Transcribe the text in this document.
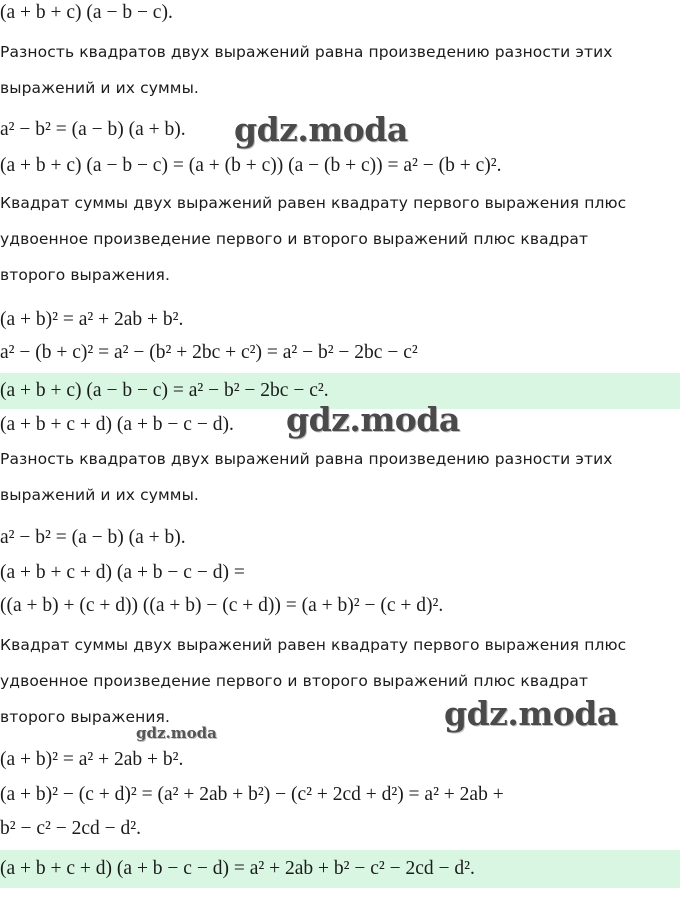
(a + b + c) (a − b − c).
Разность квадратов двух выражений равна произведению разности этих
выражений и их суммы.
a² − b² = (a − b) (a + b).
(a + b + c) (a − b − c) = (a + (b + c)) (a − (b + c)) = a² − (b + c)².
Квадрат суммы двух выражений равен квадрату первого выражения плюс
удвоенное произведение первого и второго выражений плюс квадрат
второго выражения.
(a + b)² = a² + 2ab + b².
a² − (b + c)² = a² − (b² + 2bc + c²) = a² − b² − 2bc − c²
(a + b + c) (a − b − c) = a² − b² − 2bc − c².
(a + b + c + d) (a + b − c − d).
Разность квадратов двух выражений равна произведению разности этих
выражений и их суммы.
a² − b² = (a − b) (a + b).
(a + b + c + d) (a + b − c − d) =
((a + b) + (c + d)) ((a + b) − (c + d)) = (a + b)² − (c + d)².
Квадрат суммы двух выражений равен квадрату первого выражения плюс
удвоенное произведение первого и второго выражений плюс квадрат
второго выражения.
(a + b)² = a² + 2ab + b².
(a + b)² − (c + d)² = (a² + 2ab + b²) − (c² + 2cd + d²) = a² + 2ab +
b² − c² − 2cd − d².
(a + b + c + d) (a + b − c − d) = a² + 2ab + b² − c² − 2cd − d².
gdz.moda
gdz.moda
gdz.moda
gdz.moda
